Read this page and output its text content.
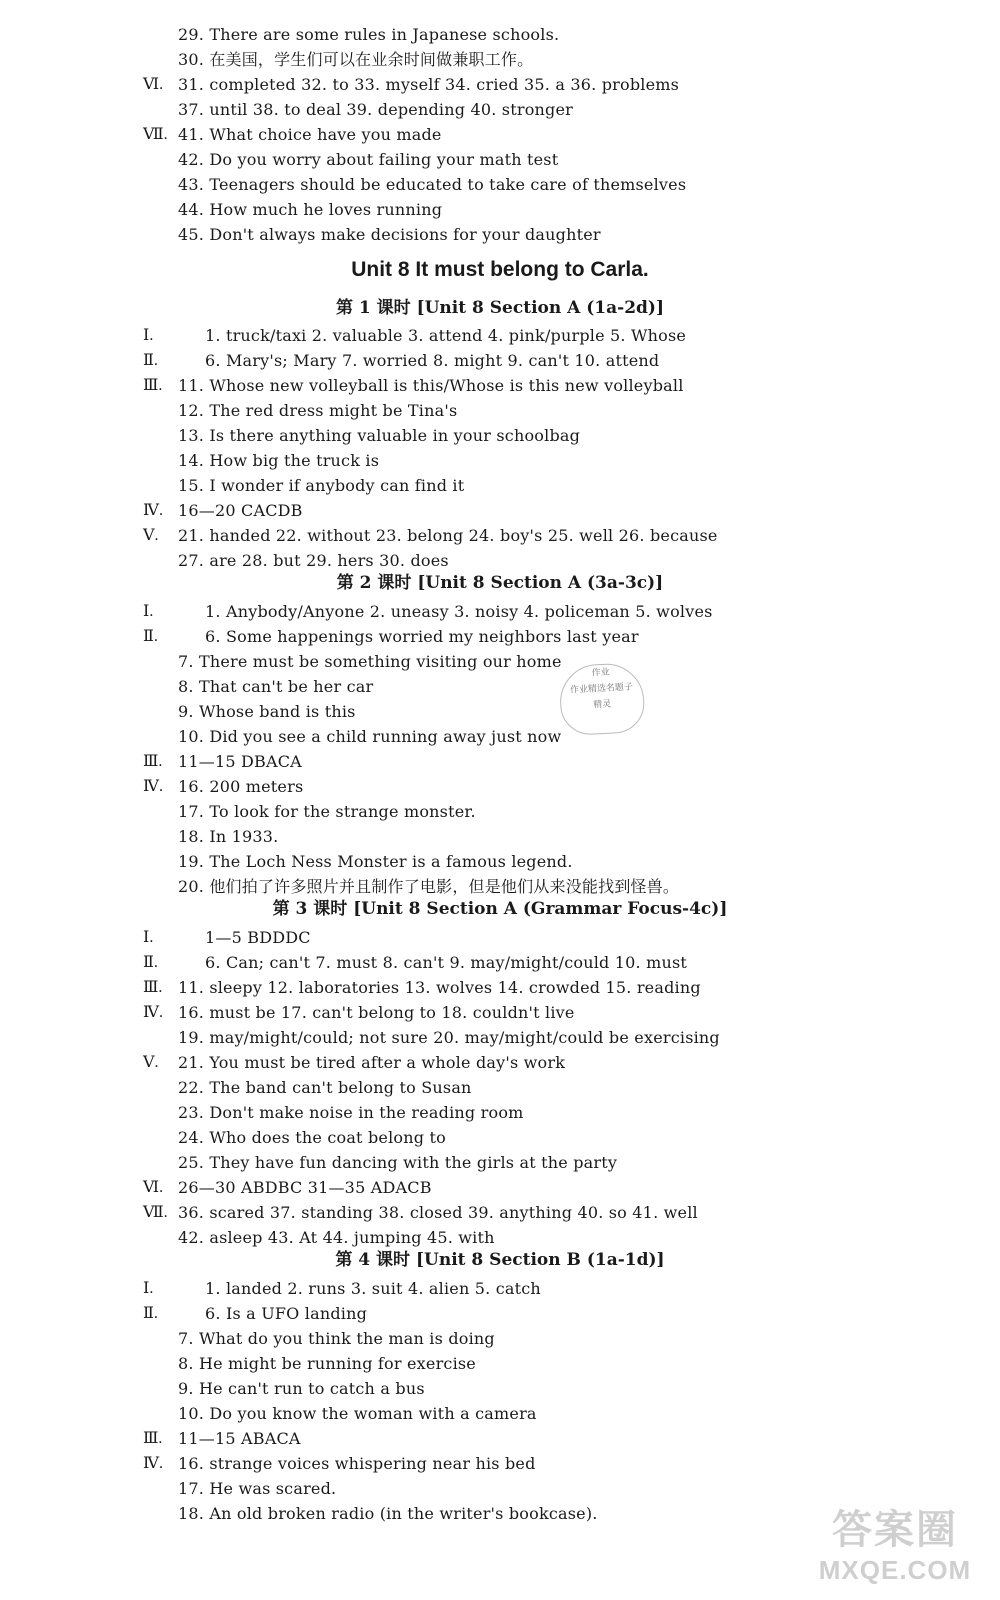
29. There are some rules in Japanese schools.
30. 在美国，学生们可以在业余时间做兼职工作。
Ⅵ. 31. completed 32. to 33. myself 34. cried 35. a 36. problems
37. until 38. to deal 39. depending 40. stronger
Ⅶ. 41. What choice have you made
42. Do you worry about failing your math test
43. Teenagers should be educated to take care of themselves
44. How much he loves running
45. Don't always make decisions for your daughter
Ⅰ.	1. truck/taxi 2. valuable 3. attend 4. pink/purple 5. Whose
Ⅱ.	6. Mary's; Mary 7. worried 8. might 9. can't 10. attend
Ⅲ. 11. Whose new volleyball is this/Whose is this new volleyball
12. The red dress might be Tina's
13. Is there anything valuable in your schoolbag
14. How big the truck is
15. I wonder if anybody can find it
Ⅳ. 16—20 CACDB
Ⅴ.	21. handed 22. without 23. belong 24. boy's 25. well 26. because
27. are 28. but 29. hers 30. does
Ⅰ.	1. Anybody/Anyone 2. uneasy 3. noisy 4. policeman 5. wolves
Ⅱ.	6. Some happenings worried my neighbors last year
7. There must be something visiting our home
8. That can't be her car
9. Whose band is this
10. Did you see a child running away just now
Ⅲ. 11—15 DBACA
Ⅳ. 16. 200 meters
17. To look for the strange monster.
18. In 1933.
19. The Loch Ness Monster is a famous legend.
20. 他们拍了许多照片并且制作了电影，但是他们从来没能找到怪兽。
Ⅰ.	1—5 BDDDC
Ⅱ.	6. Can; can't 7. must 8. can't 9. may/might/could 10. must
Ⅲ. 11. sleepy 12. laboratories 13. wolves 14. crowded 15. reading
Ⅳ. 16. must be 17. can't belong to 18. couldn't live
19. may/might/could; not sure 20. may/might/could be exercising
Ⅴ.	21. You must be tired after a whole day's work
22. The band can't belong to Susan
23. Don't make noise in the reading room
24. Who does the coat belong to
25. They have fun dancing with the girls at the party
Ⅵ. 26—30 ABDBC 31—35 ADACB
Ⅶ. 36. scared 37. standing 38. closed 39. anything 40. so 41. well
42. asleep 43. At 44. jumping 45. with
Ⅰ.	1. landed 2. runs 3. suit 4. alien 5. catch
Ⅱ.	6. Is a UFO landing
7. What do you think the man is doing
8. He might be running for exercise
9. He can't run to catch a bus
10. Do you know the woman with a camera
Ⅲ. 11—15 ABACA
Ⅳ. 16. strange voices whispering near his bed
17. He was scared.
18. An old broken radio (in the writer's bookcase).
Unit 8 It must belong to Carla.
第 1 课时 [Unit 8 Section A (1a-2d)]
第 2 课时 [Unit 8 Section A (3a-3c)]
第 3 课时 [Unit 8 Section A (Grammar Focus-4c)]
第 4 课时 [Unit 8 Section B (1a-1d)]
作业
作业精选名题子
精灵
答案圈
MXQE.COM
